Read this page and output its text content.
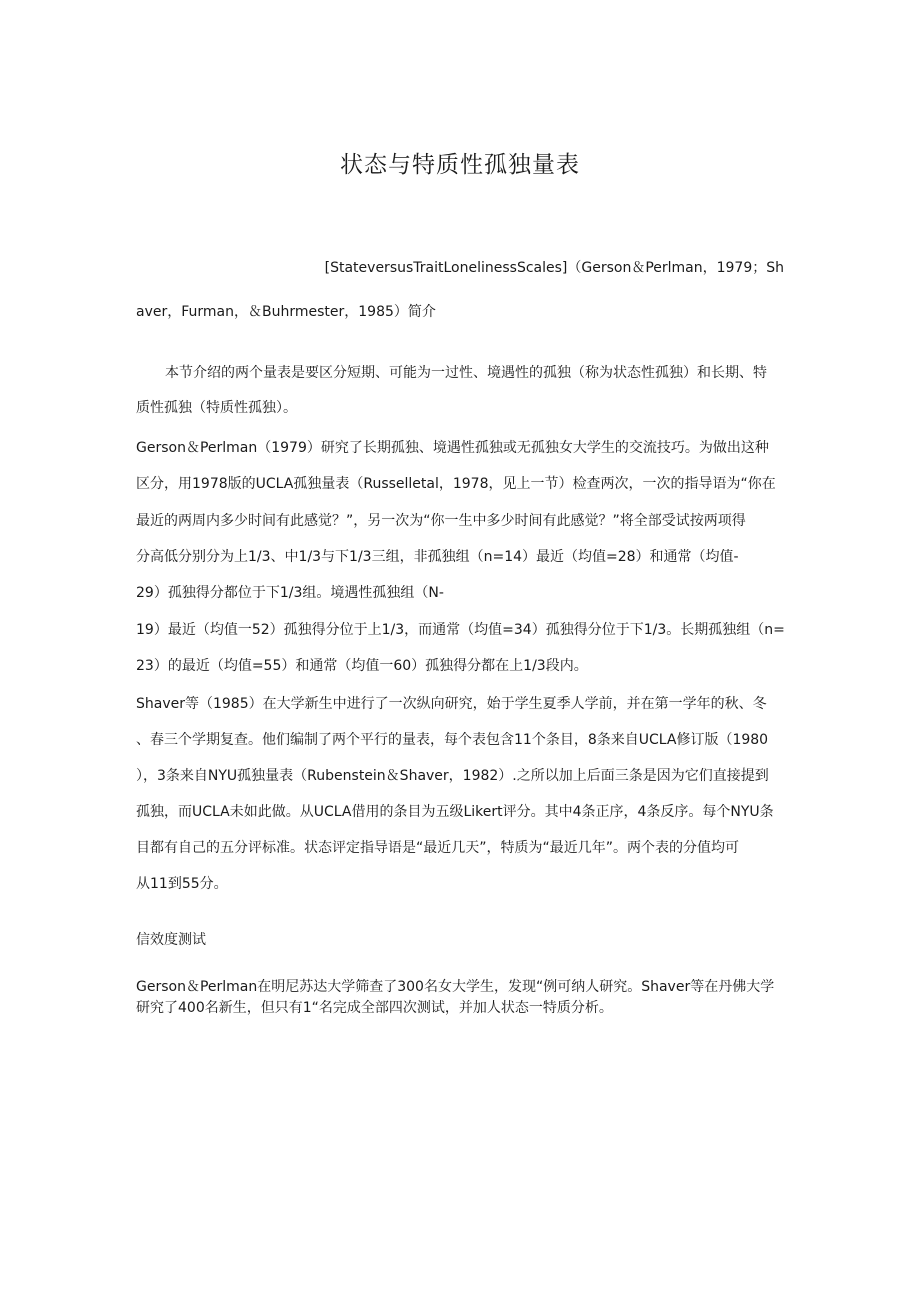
状态与特质性孤独量表
[StateversusTraitLonelinessScales]（Gerson＆Perlman，1979；Sh
aver，Furman，＆Buhrmester，1985）简介
本节介绍的两个量表是要区分短期、可能为一过性、境遇性的孤独（称为状态性孤独）和长期、特
质性孤独（特质性孤独）。
Gerson＆Perlman（1979）研究了长期孤独、境遇性孤独或无孤独女大学生的交流技巧。为做出这种
区分，用1978版的UCLA孤独量表（Russelletal，1978，见上一节）检查两次，一次的指导语为“你在
最近的两周内多少时间有此感觉？”，另一次为“你一生中多少时间有此感觉？”将全部受试按两项得
分高低分别分为上1/3、中1/3与下1/3三组，非孤独组（n=14）最近（均值=28）和通常（均值-
29）孤独得分都位于下1/3组。境遇性孤独组（N-
19）最近（均值一52）孤独得分位于上1/3，而通常（均值=34）孤独得分位于下1/3。长期孤独组（n=
23）的最近（均值=55）和通常（均值一60）孤独得分都在上1/3段内。
Shaver等（1985）在大学新生中进行了一次纵向研究，始于学生夏季人学前，并在第一学年的秋、冬
、春三个学期复查。他们编制了两个平行的量表，每个表包含11个条目，8条来自UCLA修订版（1980
），3条来自NYU孤独量表（Rubenstein＆Shaver，1982）.之所以加上后面三条是因为它们直接提到
孤独，而UCLA未如此做。从UCLA借用的条目为五级Likert评分。其中4条正序，4条反序。每个NYU条
目都有自己的五分评标准。状态评定指导语是“最近几天”，特质为“最近几年”。两个表的分值均可
从11到55分。
信效度测试
Gerson＆Perlman在明尼苏达大学筛查了300名女大学生，发现“例可纳人研究。Shaver等在丹佛大学
研究了400名新生，但只有1“名完成全部四次测试，并加人状态一特质分析。
